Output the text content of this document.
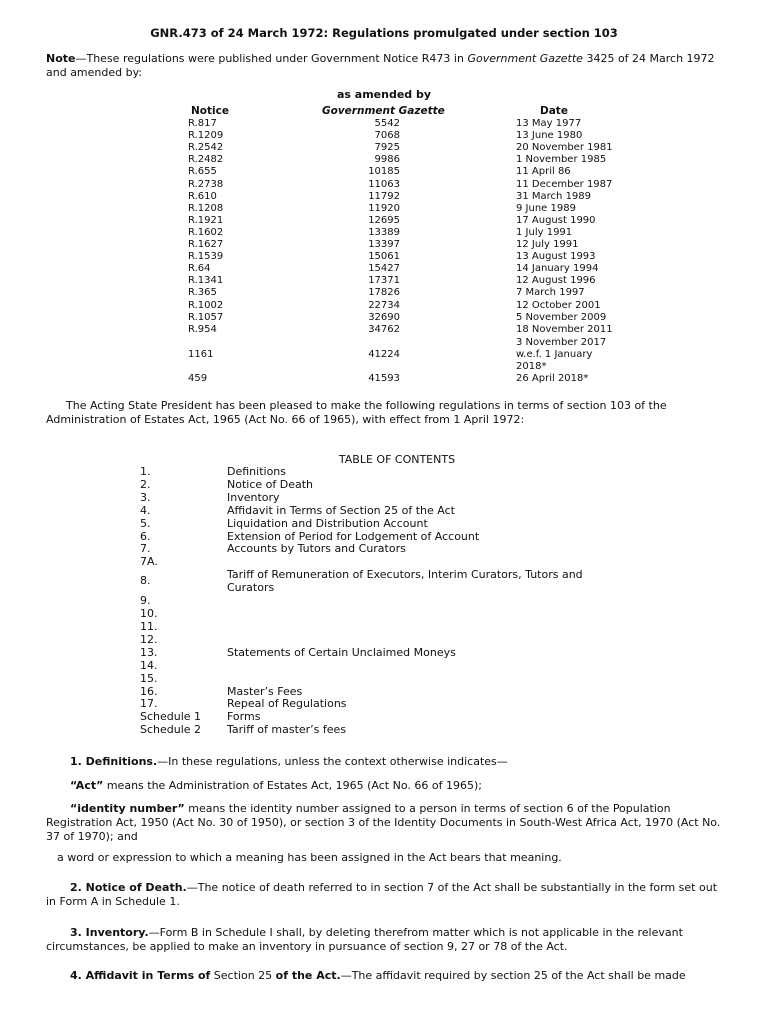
GNR.473 of 24 March 1972: Regulations promulgated under section 103
Note—These regulations were published under Government Notice R473 in Government Gazette 3425 of 24 March 1972 and amended by:
as amended by
Notice	Government Gazette	Date
R.817	5542	13 May 1977
R.1209	7068	13 June 1980
R.2542	7925	20 November 1981
R.2482	9986	1 November 1985
R.655	10185	11 April 86
R.2738	11063	11 December 1987
R.610	11792	31 March 1989
R.1208	11920	9 June 1989
R.1921	12695	17 August 1990
R.1602	13389	1 July 1991
R.1627	13397	12 July 1991
R.1539	15061	13 August 1993
R.64	15427	14 January 1994
R.1341	17371	12 August 1996
R.365	17826	7 March 1997
R.1002	22734	12 October 2001
R.1057	32690	5 November 2009
R.954	34762	18 November 2011
3 November 2017
1161	41224	w.e.f. 1 January
2018*
459	41593	26 April 2018*
The Acting State President has been pleased to make the following regulations in terms of section 103 of the Administration of Estates Act, 1965 (Act No. 66 of 1965), with effect from 1 April 1972:
TABLE OF CONTENTS
1.	Definitions
2.	Notice of Death
3.	Inventory
4.	Affidavit in Terms of Section 25 of the Act
5.	Liquidation and Distribution Account
6.	Extension of Period for Lodgement of Account
7.	Accounts by Tutors and Curators
7A.
8.	Tariff of Remuneration of Executors, Interim Curators, Tutors and Curators
9.
10.
11.
12.
13.	Statements of Certain Unclaimed Moneys
14.
15.
16.	Master’s Fees
17.	Repeal of Regulations
Schedule 1 Forms
Schedule 2 Tariff of master’s fees
1. Definitions.—In these regulations, unless the context otherwise indicates—
“Act” means the Administration of Estates Act, 1965 (Act No. 66 of 1965);
“identity number” means the identity number assigned to a person in terms of section 6 of the Population Registration Act, 1950 (Act No. 30 of 1950), or section 3 of the Identity Documents in South-West Africa Act, 1970 (Act No. 37 of 1970); and
a word or expression to which a meaning has been assigned in the Act bears that meaning.
2. Notice of Death.—The notice of death referred to in section 7 of the Act shall be substantially in the form set out in Form A in Schedule 1.
3. Inventory.—Form B in Schedule I shall, by deleting therefrom matter which is not applicable in the relevant circumstances, be applied to make an inventory in pursuance of section 9, 27 or 78 of the Act.
4. Affidavit in Terms of Section 25 of the Act.—The affidavit required by section 25 of the Act shall be made
